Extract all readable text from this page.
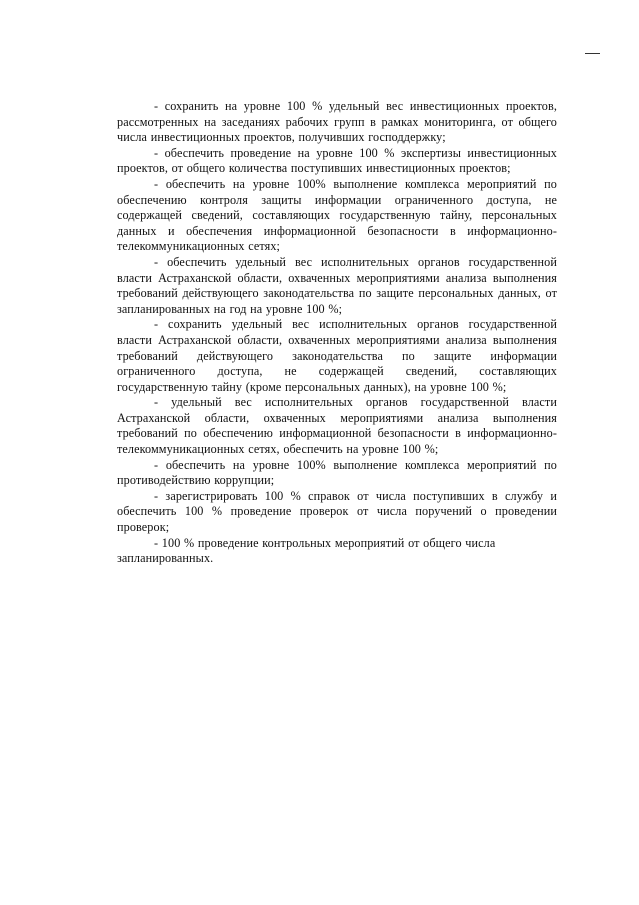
- сохранить на уровне 100 % удельный вес инвестиционных проектов, рассмотренных на заседаниях рабочих групп в рамках мониторинга, от общего числа инвестиционных проектов, получивших господдержку;

- обеспечить проведение на уровне 100 % экспертизы инвестиционных проектов, от общего количества поступивших инвестиционных проектов;

- обеспечить на уровне 100% выполнение комплекса мероприятий по обеспечению контроля защиты информации ограниченного доступа, не содержащей сведений, составляющих государственную тайну, персональных данных и обеспечения информационной безопасности в информационно-телекоммуникационных сетях;

- обеспечить удельный вес исполнительных органов государственной власти Астраханской области, охваченных мероприятиями анализа выполнения требований действующего законодательства по защите персональных данных, от запланированных на год на уровне 100 %;

- сохранить удельный вес исполнительных органов государственной власти Астраханской области, охваченных мероприятиями анализа выполнения требований действующего законодательства по защите информации ограниченного доступа, не содержащей сведений, составляющих государственную тайну (кроме персональных данных), на уровне 100 %;

- удельный вес исполнительных органов государственной власти Астраханской области, охваченных мероприятиями анализа выполнения требований по обеспечению информационной безопасности в информационно-телекоммуникационных сетях, обеспечить на уровне 100 %;

- обеспечить на уровне 100% выполнение комплекса мероприятий по противодействию коррупции;

- зарегистрировать 100 % справок от числа поступивших в службу и обеспечить 100 % проведение проверок от числа поручений о проведении проверок;

- 100 % проведение контрольных мероприятий от общего числа запланированных.
